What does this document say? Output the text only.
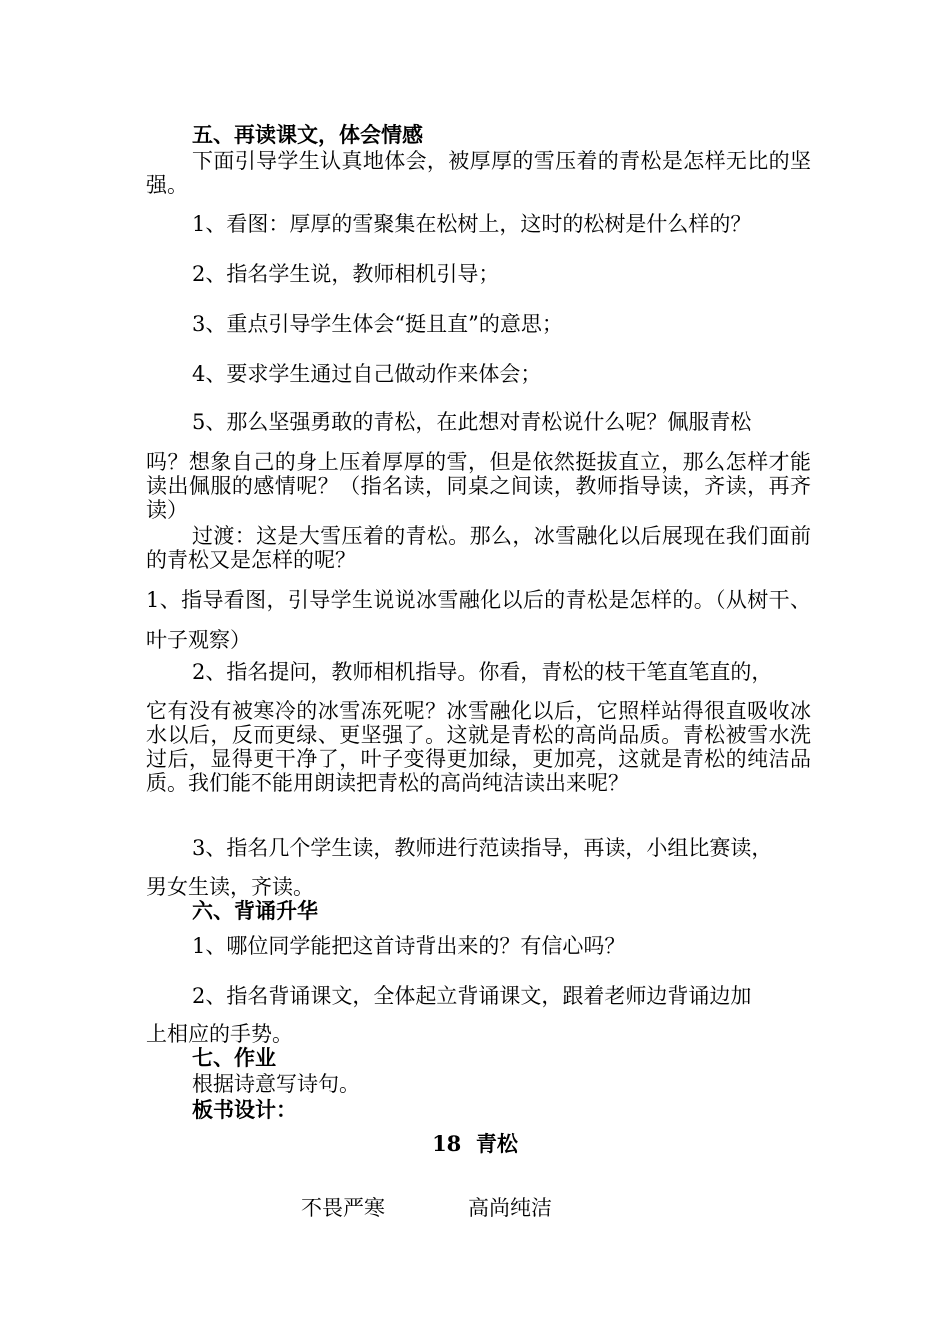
五、再读课文，体会情感

下面引导学生认真地体会，被厚厚的雪压着的青松是怎样无比的坚强。

1、看图：厚厚的雪聚集在松树上，这时的松树是什么样的？

2、指名学生说，教师相机引导；

3、重点引导学生体会“挺且直”的意思；

4、要求学生通过自己做动作来体会；

5、那么坚强勇敢的青松，在此想对青松说什么呢？佩服青松

吗？想象自己的身上压着厚厚的雪，但是依然挺拔直立，那么怎样才能读出佩服的感情呢？（指名读，同桌之间读，教师指导读，齐读，再齐读）

过渡：这是大雪压着的青松。那么，冰雪融化以后展现在我们面前的青松又是怎样的呢？

1、指导看图，引导学生说说冰雪融化以后的青松是怎样的。（从树干、叶子观察）

2、指名提问，教师相机指导。你看，青松的枝干笔直笔直的，

它有没有被寒冷的冰雪冻死呢？冰雪融化以后，它照样站得很直吸收冰水以后，反而更绿、更坚强了。这就是青松的高尚品质。青松被雪水洗过后，显得更干净了，叶子变得更加绿，更加亮，这就是青松的纯洁品质。我们能不能用朗读把青松的高尚纯洁读出来呢？

3、指名几个学生读，教师进行范读指导，再读，小组比赛读，

男女生读，齐读。

六、背诵升华

1、哪位同学能把这首诗背出来的？有信心吗？

2、指名背诵课文，全体起立背诵课文，跟着老师边背诵边加

上相应的手势。

七、作业

根据诗意写诗句。

板书设计：

18  青松

不畏严寒	高尚纯洁
